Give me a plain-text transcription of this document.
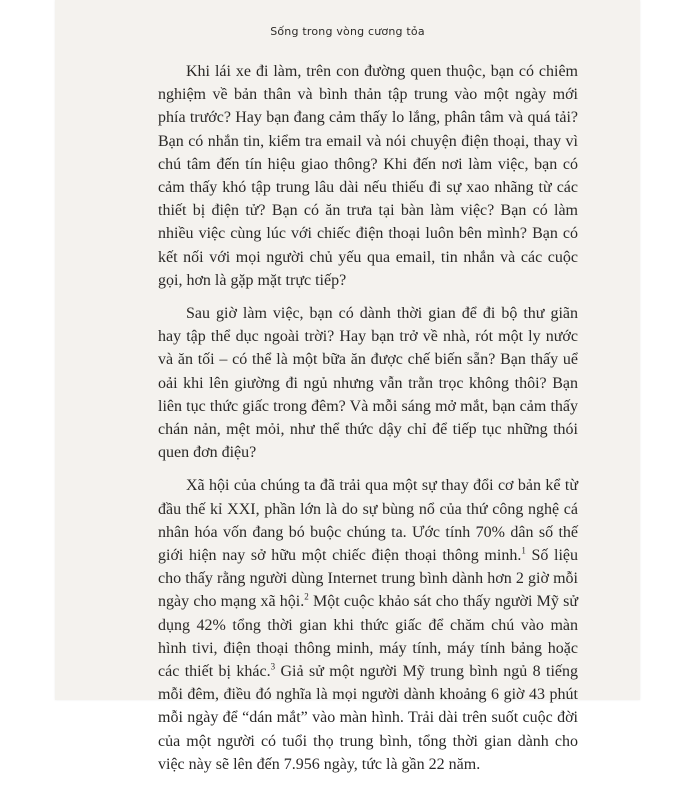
Sống trong vòng cương tỏa

Khi lái xe đi làm, trên con đường quen thuộc, bạn có chiêm nghiệm về bản thân và bình thản tập trung vào một ngày mới phía trước? Hay bạn đang cảm thấy lo lắng, phân tâm và quá tải? Bạn có nhắn tin, kiểm tra email và nói chuyện điện thoại, thay vì chú tâm đến tín hiệu giao thông? Khi đến nơi làm việc, bạn có cảm thấy khó tập trung lâu dài nếu thiếu đi sự xao nhãng từ các thiết bị điện tử? Bạn có ăn trưa tại bàn làm việc? Bạn có làm nhiều việc cùng lúc với chiếc điện thoại luôn bên mình? Bạn có kết nối với mọi người chủ yếu qua email, tin nhắn và các cuộc gọi, hơn là gặp mặt trực tiếp?

Sau giờ làm việc, bạn có dành thời gian để đi bộ thư giãn hay tập thể dục ngoài trời? Hay bạn trở về nhà, rót một ly nước và ăn tối – có thể là một bữa ăn được chế biến sẵn? Bạn thấy uể oải khi lên giường đi ngủ nhưng vẫn trằn trọc không thôi? Bạn liên tục thức giấc trong đêm? Và mỗi sáng mở mắt, bạn cảm thấy chán nản, mệt mỏi, như thể thức dậy chỉ để tiếp tục những thói quen đơn điệu?

Xã hội của chúng ta đã trải qua một sự thay đổi cơ bản kể từ đầu thế kỉ XXI, phần lớn là do sự bùng nổ của thứ công nghệ cá nhân hóa vốn đang bó buộc chúng ta. Ước tính 70% dân số thế giới hiện nay sở hữu một chiếc điện thoại thông minh.$^1$ Số liệu cho thấy rằng người dùng Internet trung bình dành hơn 2 giờ mỗi ngày cho mạng xã hội.$^2$ Một cuộc khảo sát cho thấy người Mỹ sử dụng 42% tổng thời gian khi thức giấc để chăm chú vào màn hình tivi, điện thoại thông minh, máy tính, máy tính bảng hoặc các thiết bị khác.$^3$ Giả sử một người Mỹ trung bình ngủ 8 tiếng mỗi đêm, điều đó nghĩa là mọi người dành khoảng 6 giờ 43 phút mỗi ngày để “dán mắt” vào màn hình. Trải dài trên suốt cuộc đời của một người có tuổi thọ trung bình, tổng thời gian dành cho việc này sẽ lên đến 7.956 ngày, tức là gần 22 năm.
